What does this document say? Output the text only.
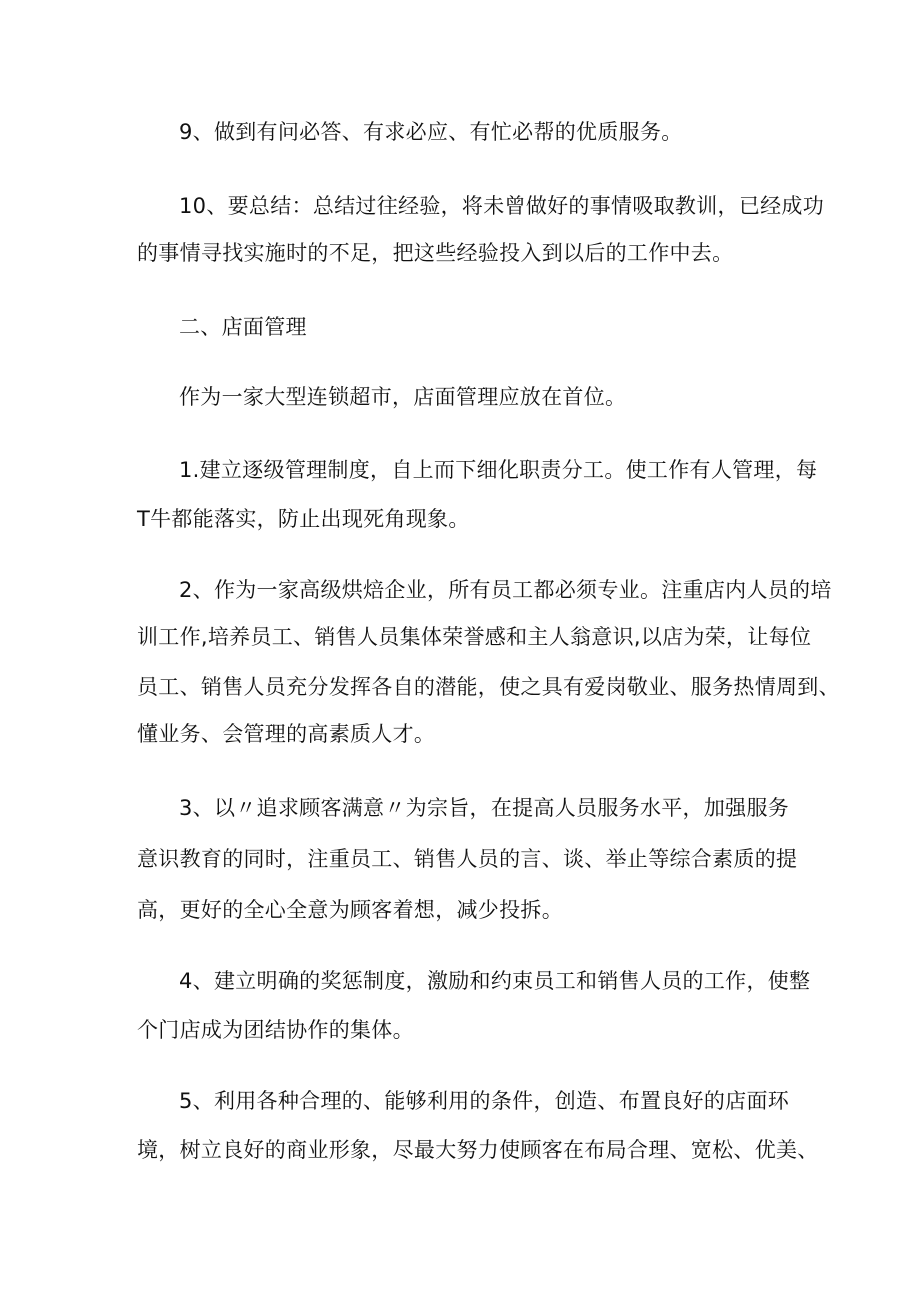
9、做到有问必答、有求必应、有忙必帮的优质服务。
10、要总结：总结过往经验，将未曾做好的事情吸取教训，已经成功
的事情寻找实施时的不足，把这些经验投入到以后的工作中去。
二、店面管理
作为一家大型连锁超市，店面管理应放在首位。
1.建立逐级管理制度，自上而下细化职责分工。使工作有人管理，每
T牛都能落实，防止出现死角现象。
2、作为一家高级烘焙企业，所有员工都必须专业。注重店内人员的培
训工作,培养员工、销售人员集体荣誉感和主人翁意识,以店为荣，让每位
员工、销售人员充分发挥各自的潜能，使之具有爱岗敬业、服务热情周到、
懂业务、会管理的高素质人才。
3、以〃追求顾客满意〃为宗旨，在提高人员服务水平，加强服务
意识教育的同时，注重员工、销售人员的言、谈、举止等综合素质的提
高，更好的全心全意为顾客着想，减少投拆。
4、建立明确的奖惩制度，激励和约束员工和销售人员的工作，使整
个门店成为团结协作的集体。
5、利用各种合理的、能够利用的条件，创造、布置良好的店面环
境，树立良好的商业形象，尽最大努力使顾客在布局合理、宽松、优美、
